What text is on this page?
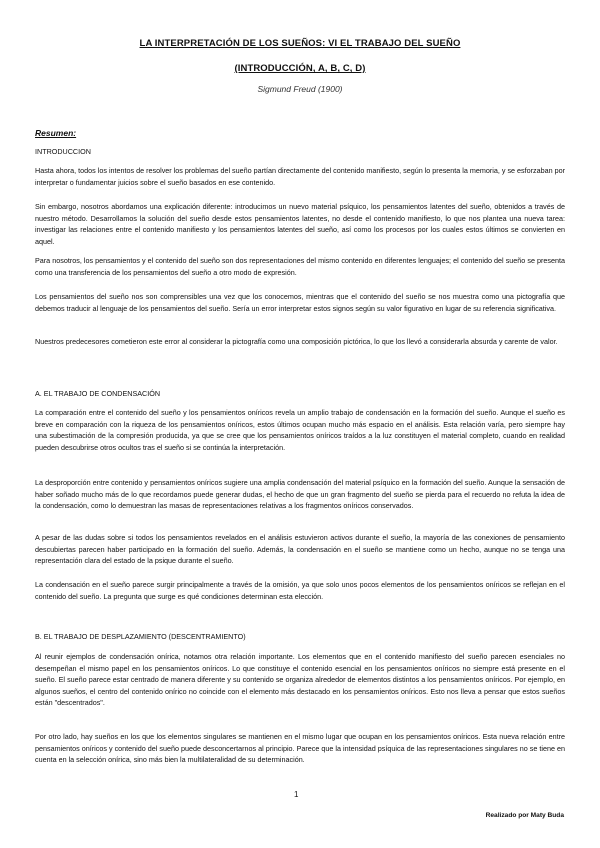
LA INTERPRETACIÓN DE LOS SUEÑOS: VI EL TRABAJO DEL SUEÑO
(INTRODUCCIÓN, A, B, C, D)
Sigmund Freud (1900)
Resumen:
INTRODUCCION
Hasta ahora, todos los intentos de resolver los problemas del sueño partían directamente del contenido manifiesto, según lo presenta la memoria, y se esforzaban por interpretar o fundamentar juicios sobre el sueño basados en ese contenido.
Sin embargo, nosotros abordamos una explicación diferente: introducimos un nuevo material psíquico, los pensamientos latentes del sueño, obtenidos a través de nuestro método. Desarrollamos la solución del sueño desde estos pensamientos latentes, no desde el contenido manifiesto, lo que nos plantea una nueva tarea: investigar las relaciones entre el contenido manifiesto y los pensamientos latentes del sueño, así como los procesos por los cuales estos últimos se convierten en aquel.
Para nosotros, los pensamientos y el contenido del sueño son dos representaciones del mismo contenido en diferentes lenguajes; el contenido del sueño se presenta como una transferencia de los pensamientos del sueño a otro modo de expresión.
Los pensamientos del sueño nos son comprensibles una vez que los conocemos, mientras que el contenido del sueño se nos muestra como una pictografía que debemos traducir al lenguaje de los pensamientos del sueño. Sería un error interpretar estos signos según su valor figurativo en lugar de su referencia significativa.
Nuestros predecesores cometieron este error al considerar la pictografía como una composición pictórica, lo que los llevó a considerarla absurda y carente de valor.
A. EL TRABAJO DE CONDENSACIÓN
La comparación entre el contenido del sueño y los pensamientos oníricos revela un amplio trabajo de condensación en la formación del sueño. Aunque el sueño es breve en comparación con la riqueza de los pensamientos oníricos, estos últimos ocupan mucho más espacio en el análisis. Esta relación varía, pero siempre hay una subestimación de la compresión producida, ya que se cree que los pensamientos oníricos traídos a la luz constituyen el material completo, cuando en realidad pueden descubrirse otros ocultos tras el sueño si se continúa la interpretación.
La desproporción entre contenido y pensamientos oníricos sugiere una amplia condensación del material psíquico en la formación del sueño. Aunque la sensación de haber soñado mucho más de lo que recordamos puede generar dudas, el hecho de que un gran fragmento del sueño se pierda para el recuerdo no refuta la idea de la condensación, como lo demuestran las masas de representaciones relativas a los fragmentos oníricos conservados.
A pesar de las dudas sobre si todos los pensamientos revelados en el análisis estuvieron activos durante el sueño, la mayoría de las conexiones de pensamiento descubiertas parecen haber participado en la formación del sueño. Además, la condensación en el sueño se mantiene como un hecho, aunque no se tenga una representación clara del estado de la psique durante el sueño.
La condensación en el sueño parece surgir principalmente a través de la omisión, ya que solo unos pocos elementos de los pensamientos oníricos se reflejan en el contenido del sueño. La pregunta que surge es qué condiciones determinan esta elección.
B. EL TRABAJO DE DESPLAZAMIENTO (DESCENTRAMIENTO)
Al reunir ejemplos de condensación onírica, notamos otra relación importante. Los elementos que en el contenido manifiesto del sueño parecen esenciales no desempeñan el mismo papel en los pensamientos oníricos. Lo que constituye el contenido esencial en los pensamientos oníricos no siempre está presente en el sueño. El sueño parece estar centrado de manera diferente y su contenido se organiza alrededor de elementos distintos a los pensamientos oníricos. Por ejemplo, en algunos sueños, el centro del contenido onírico no coincide con el elemento más destacado en los pensamientos oníricos. Esto nos lleva a pensar que estos sueños están "descentrados".
Por otro lado, hay sueños en los que los elementos singulares se mantienen en el mismo lugar que ocupan en los pensamientos oníricos. Esta nueva relación entre pensamientos oníricos y contenido del sueño puede desconcertarnos al principio. Parece que la intensidad psíquica de las representaciones singulares no se tiene en cuenta en la selección onírica, sino más bien la multilateralidad de su determinación.
1
Realizado por Maty Buda
